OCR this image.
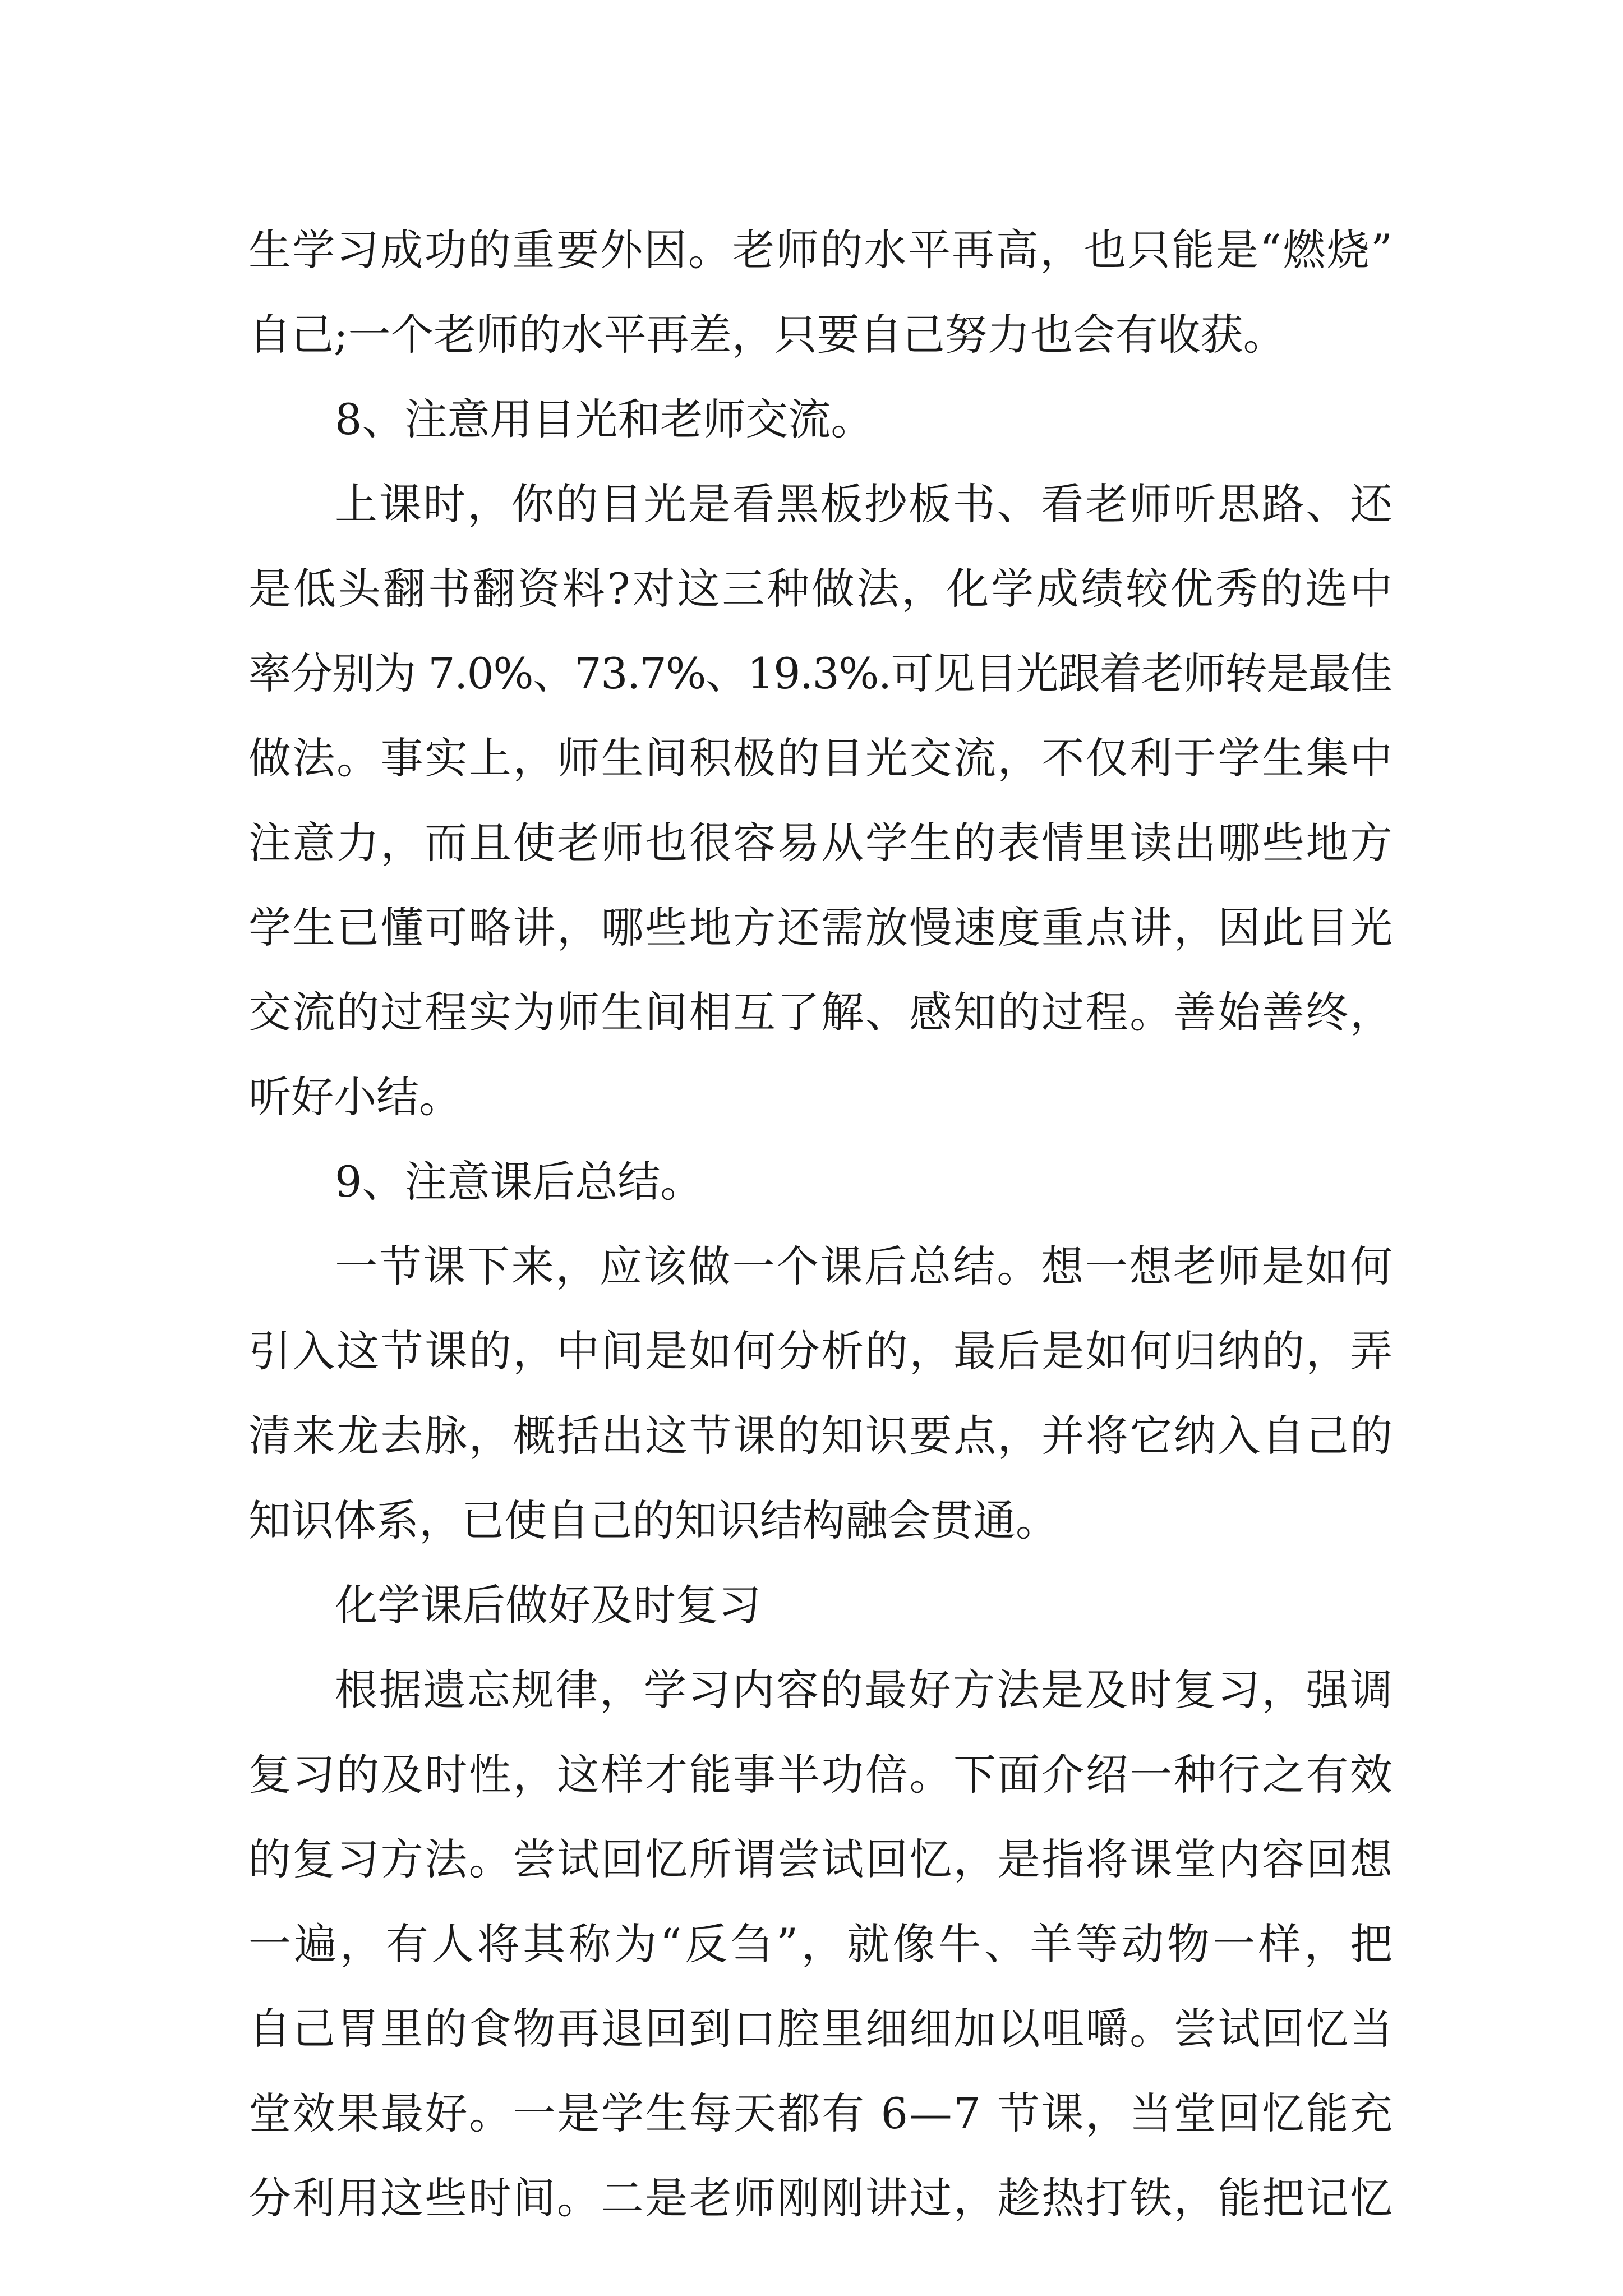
生学习成功的重要外因。老师的水平再高，也只能是“燃烧”
自己;一个老师的水平再差，只要自己努力也会有收获。
8、注意用目光和老师交流。
上课时，你的目光是看黑板抄板书、看老师听思路、还
是低头翻书翻资料?对这三种做法，化学成绩较优秀的选中
率分别为 7.0%、73.7%、19.3%.可见目光跟着老师转是最佳
做法。事实上，师生间积极的目光交流，不仅利于学生集中
注意力，而且使老师也很容易从学生的表情里读出哪些地方
学生已懂可略讲，哪些地方还需放慢速度重点讲，因此目光
交流的过程实为师生间相互了解、感知的过程。善始善终，
听好小结。
9、注意课后总结。
一节课下来，应该做一个课后总结。想一想老师是如何
引入这节课的，中间是如何分析的，最后是如何归纳的，弄
清来龙去脉，概括出这节课的知识要点，并将它纳入自己的
知识体系，已使自己的知识结构融会贯通。
化学课后做好及时复习
根据遗忘规律，学习内容的最好方法是及时复习，强调
复习的及时性，这样才能事半功倍。下面介绍一种行之有效
的复习方法。尝试回忆所谓尝试回忆，是指将课堂内容回想
一遍，有人将其称为“反刍”，就像牛、羊等动物一样，把
自己胃里的食物再退回到口腔里细细加以咀嚼。尝试回忆当
堂效果最好。一是学生每天都有 6—7 节课，当堂回忆能充
分利用这些时间。二是老师刚刚讲过，趁热打铁，能把记忆
